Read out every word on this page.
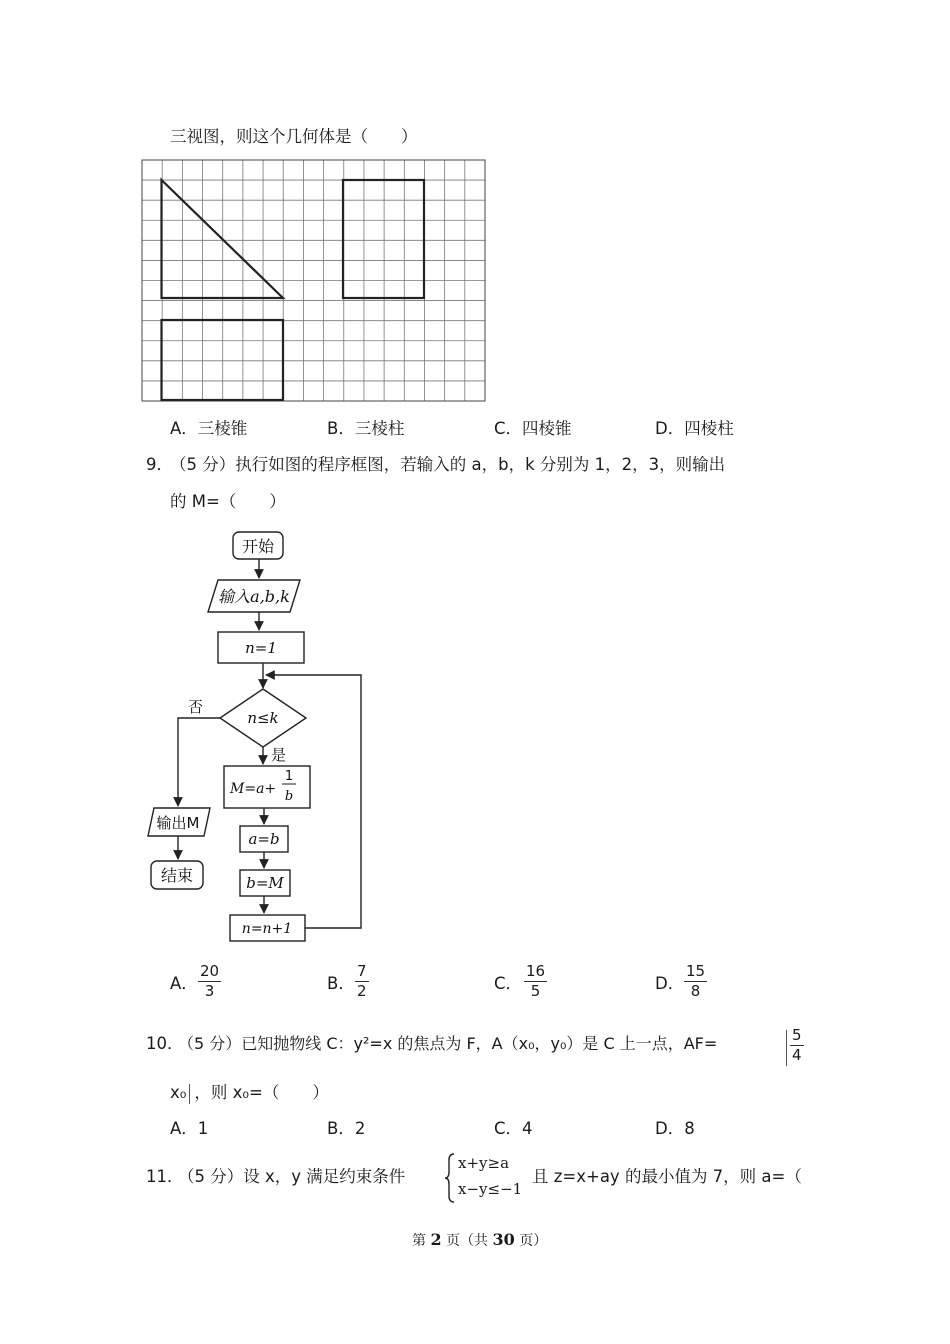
三视图，则这个几何体是（　　）
A．三棱锥	B．三棱柱	C．四棱锥	D．四棱柱
9．
（5 分）执行如图的程序框图，若输入的 a，b，k 分别为 1，2，3，则输出
的 M=（　　）
开始
输入a,b,k
n=1
n≤k
否
是
M=a+
1
b
a=b
b=M
n=n+1
输出M
结束
A． $\frac{20}{3}$	B． $\frac{7}{2}$	C． $\frac{16}{5}$	D． $\frac{15}{8}$
10．
（5 分）已知抛物线 C：y²=x 的焦点为 F，A（x₀，y₀）是 C 上一点，AF=	$\frac{5}{4}$
x₀ ，则 x₀=（　　）
A．1	B．2	C．4	D．8
11．
（5 分）设 x，y 满足约束条件
x+y≥a
x−y≤−1
且 z=x+ay 的最小值为 7，则 a=（
第 2 页（共 30 页）
